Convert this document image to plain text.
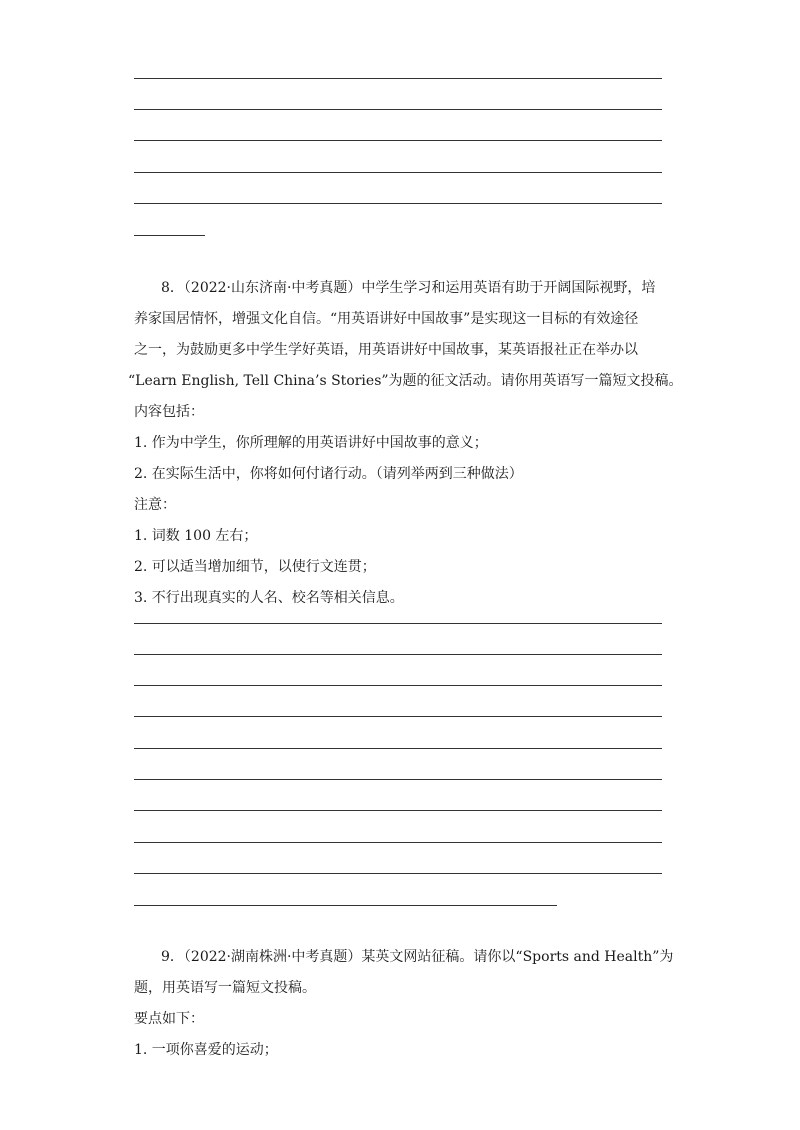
8．（2022·山东济南·中考真题）中学生学习和运用英语有助于开阔国际视野，培
养家国居情怀，增强文化自信。“用英语讲好中国故事”是实现这一目标的有效途径
之一，为鼓励更多中学生学好英语，用英语讲好中国故事，某英语报社正在举办以
“Learn English, Tell China’s Stories”为题的征文活动。请你用英语写一篇短文投稿。
内容包括：
1. 作为中学生，你所理解的用英语讲好中国故事的意义；
2. 在实际生活中，你将如何付诸行动。（请列举两到三种做法）
注意：
1. 词数 100 左右；
2. 可以适当增加细节，以使行文连贯；
3. 不行出现真实的人名、校名等相关信息。
9．（2022·湖南株洲·中考真题）某英文网站征稿。请你以“Sports and Health”为
题，用英语写一篇短文投稿。
要点如下：
1. 一项你喜爱的运动；
